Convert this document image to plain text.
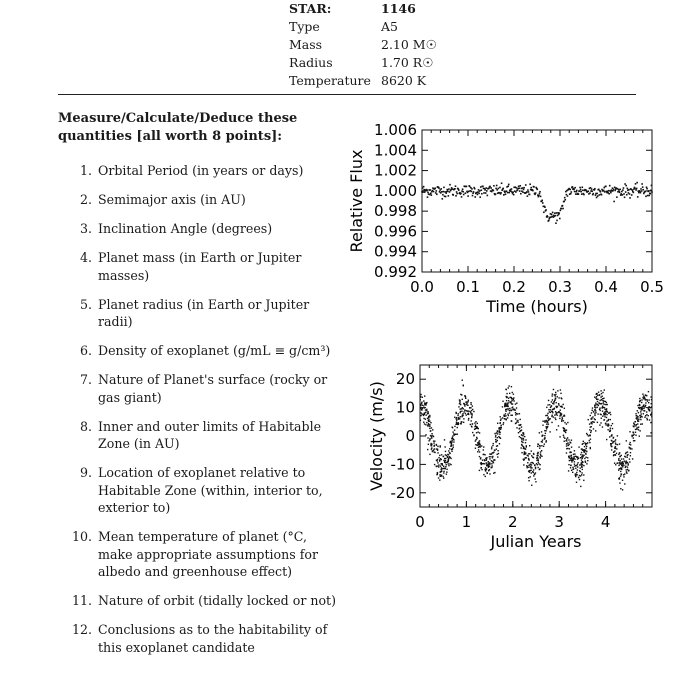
STAR:	1146
Type	A5
Mass	2.10 M☉
Radius	1.70 R☉
Temperature 8620 K
Measure/Calculate/Deduce these quantities [all worth 8 points]:
1. Orbital Period (in years or days)
2. Semimajor axis (in AU)
3. Inclination Angle (degrees)
4. Planet mass (in Earth or Jupiter masses)
5. Planet radius (in Earth or Jupiter radii)
6. Density of exoplanet (g/mL ≡ g/cm³)
7. Nature of Planet's surface (rocky or gas giant)
8. Inner and outer limits of Habitable Zone (in AU)
9. Location of exoplanet relative to Habitable Zone (within, interior to, exterior to)
10. Mean temperature of planet (°C, make appropriate assumptions for albedo and greenhouse effect)
11. Nature of orbit (tidally locked or not)
12. Conclusions as to the habitability of this exoplanet candidate
0.0 0.1 0.2 0.3 0.4 0.5
0.992
0.994
0.996
0.998
1.000
1.002
1.004
1.006
Time (hours)
Relative Flux
0 1 2 3 4
-20
-10
0
10
20
Julian Years
Velocity (m/s)
